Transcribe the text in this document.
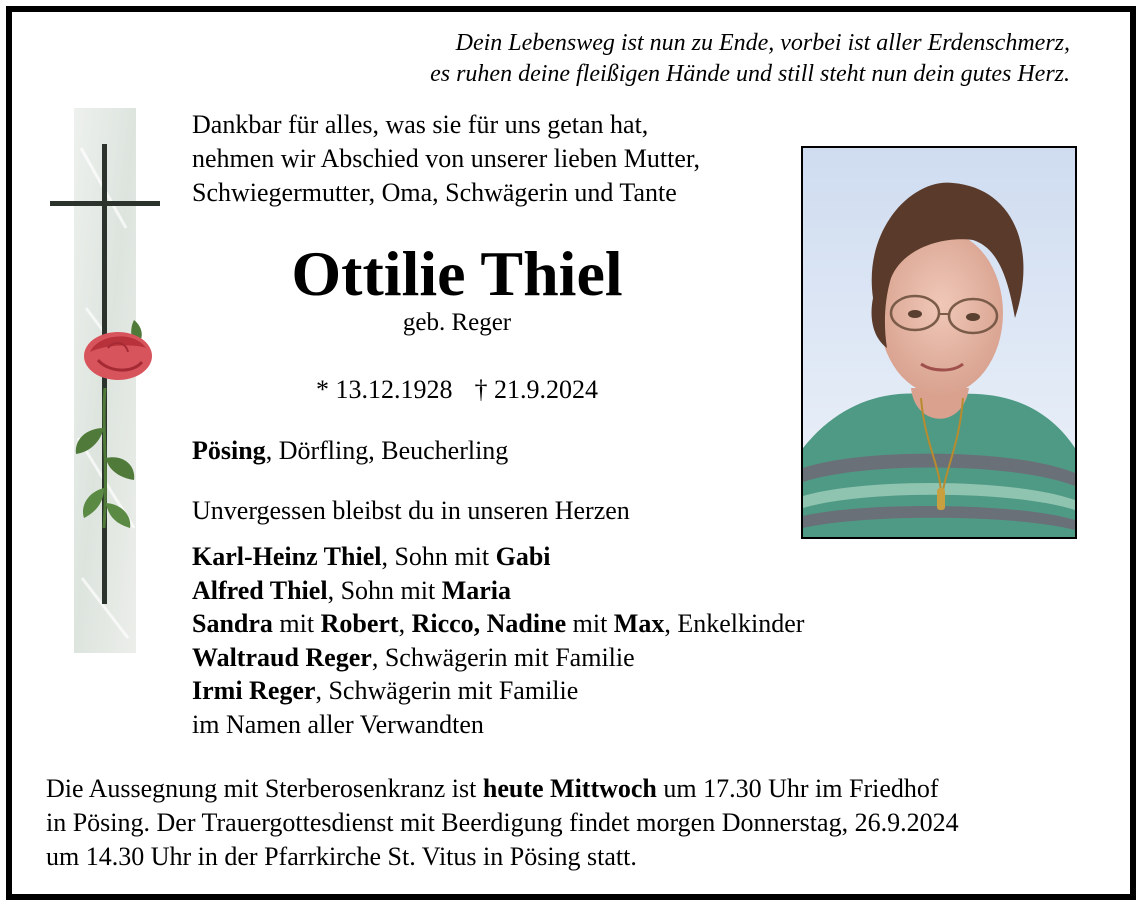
Dein Lebensweg ist nun zu Ende, vorbei ist aller Erdenschmerz,
es ruhen deine fleißigen Hände und still steht nun dein gutes Herz.
Dankbar für alles, was sie für uns getan hat,
nehmen wir Abschied von unserer lieben Mutter,
Schwiegermutter, Oma, Schwägerin und Tante
Ottilie Thiel
geb. Reger
* 13.12.1928 † 21.9.2024
Pösing, Dörfling, Beucherling
Unvergessen bleibst du in unseren Herzen
Karl-Heinz Thiel, Sohn mit Gabi
Alfred Thiel, Sohn mit Maria
Sandra mit Robert, Ricco, Nadine mit Max, Enkelkinder
Waltraud Reger, Schwägerin mit Familie
Irmi Reger, Schwägerin mit Familie
im Namen aller Verwandten
Die Aussegnung mit Sterberosenkranz ist heute Mittwoch um 17.30 Uhr im Friedhof
in Pösing. Der Trauergottesdienst mit Beerdigung findet morgen Donnerstag, 26.9.2024
um 14.30 Uhr in der Pfarrkirche St. Vitus in Pösing statt.
